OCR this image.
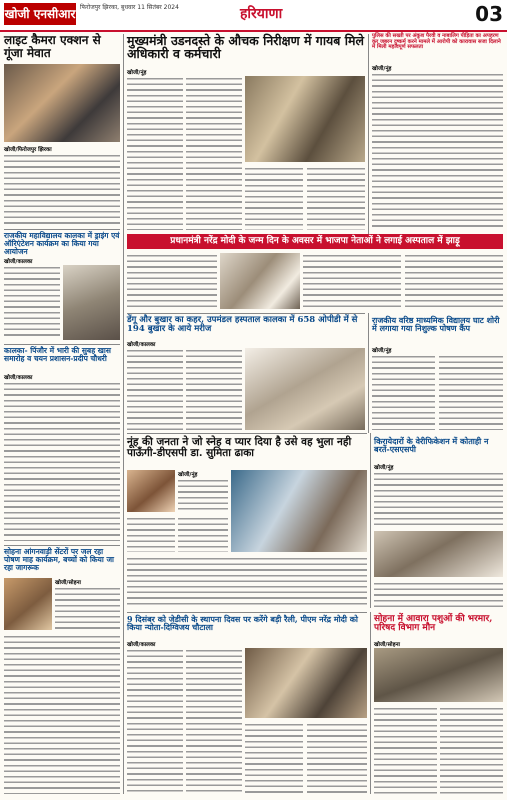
खोजी एनसीआर फिरोजपुर झिरका, बुधवार 11 सितंबर 2024	हरियाणा	03
लाइट कैमरा एक्शन से गूंजा मेवात
खोजी/फिरोजपुर झिरका
राजकीय महाविद्यालय कालका में ड्राइंग एवं ऑरिएंटेशन कार्यक्रम का किया गया आयोजन
खोजी/कालका
कालका- पिंजौर में भारी की सुबह खास समारोह व चयन प्रशासन-प्रदीप चौधरी
खोजी/कालका
सोहना आंगनवाड़ी सेंटरों पर जल रहा पोषण माह कार्यक्रम, बच्चों को किया जा रहा जागरूक
खोजी/सोहना
मुख्यमंत्री उडनदस्ते के औचक निरीक्षण में गायब मिले अधिकारी व कर्मचारी
खोजी/नूंह
पुलिस की सख्ती पर अंकुश पैरवी व नाबालिग पीड़िता का अपहरण कर जबरन दुष्कर्म करने मामले में आरोपी को कारावास सजा दिलाने में मिली महत्वपूर्ण सफलता
खोजी/नूंह
प्रधानमंत्री नरेंद्र मोदी के जन्म दिन के अवसर में भाजपा नेताओं ने लगाई अस्पताल में झाड़ू
डेंगू और बुखार का कहर, उपमंडल हस्पताल कालका में 658 ओपीडी में से 194 बुखार के आये मरीज
खोजी/कालका
राजकीय वरिष्ठ माध्यमिक विद्यालय घाट शोरी में लगाया गया निशुल्क पोषण कैंप
खोजी/नूंह
नूंह की जनता ने जो स्नेह व प्यार दिया है उसे वह भुला नही पाऊँगी-डीएसपी डा. सुमिता ढाका
खोजी/नूंह
किरायेदारों के वेरीफिकेशन में कोताही न बरतें-एसएसपी
खोजी/नूंह
9 दिसंबर को जेडीसी के स्थापना दिवस पर करेंगे बड़ी रैली, पीएम नरेंद्र मोदी को किया न्योता-दिग्विजय चौटाला
खोजी/कालका
सोहना में आवारा पशुओं की भरमार, परिषद विभाग मौन
खोजी/सोहना
